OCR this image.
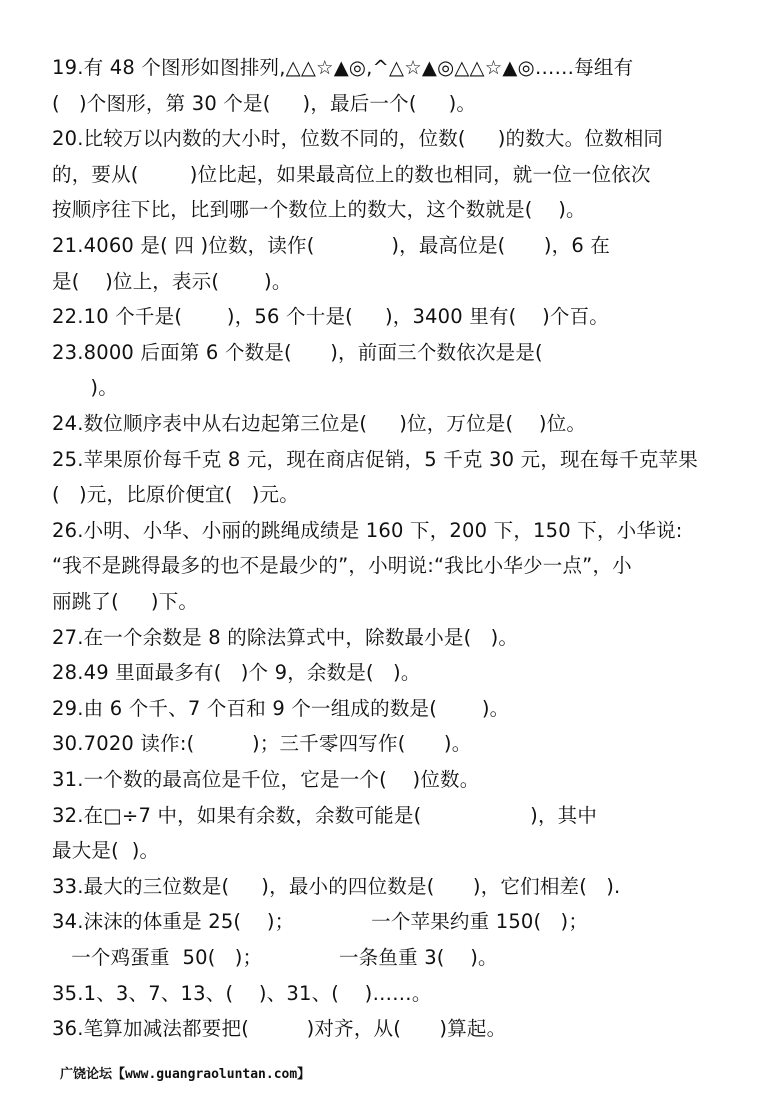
19.有 48 个图形如图排列,△△☆▲◎,^△☆▲◎△△☆▲◎……每组有
(   )个图形，第 30 个是(     )，最后一个(     )。
20.比较万以内数的大小时，位数不同的，位数(     )的数大。位数相同
的，要从(        )位比起，如果最高位上的数也相同，就一位一位依次
按顺序往下比，比到哪一个数位上的数大，这个数就是(    )。
21.4060 是( 四 )位数，读作(            )，最高位是(      )，6 在
是(    )位上，表示(       )。
22.10 个千是(       )，56 个十是(     )，3400 里有(    )个百。
23.8000 后面第 6 个数是(      )，前面三个数依次是是(
)。
24.数位顺序表中从右边起第三位是(     )位，万位是(    )位。
25.苹果原价每千克 8 元，现在商店促销，5 千克 30 元，现在每千克苹果
(   )元，比原价便宜(   )元。
26.小明、小华、小丽的跳绳成绩是 160 下，200 下，150 下，小华说:
“我不是跳得最多的也不是最少的”，小明说:“我比小华少一点”，小
丽跳了(     )下。
27.在一个余数是 8 的除法算式中，除数最小是(   )。
28.49 里面最多有(   )个 9，余数是(   )。
29.由 6 个千、7 个百和 9 个一组成的数是(       )。
30.7020 读作:(         )；三千零四写作(      )。
31.一个数的最高位是千位，它是一个(    )位数。
32.在□÷7 中，如果有余数，余数可能是(                 )，其中
最大是(  )。
33.最大的三位数是(     )，最小的四位数是(      )，它们相差(   ).
34.沫沫的体重是 25(    )；            一个苹果约重 150(   )；
一个鸡蛋重  50(   )；            一条鱼重 3(    )。
35.1、3、7、13、(    )、31、(    )……。
36.笔算加减法都要把(         )对齐，从(      )算起。
广饶论坛【www.guangraoluntan.com】
